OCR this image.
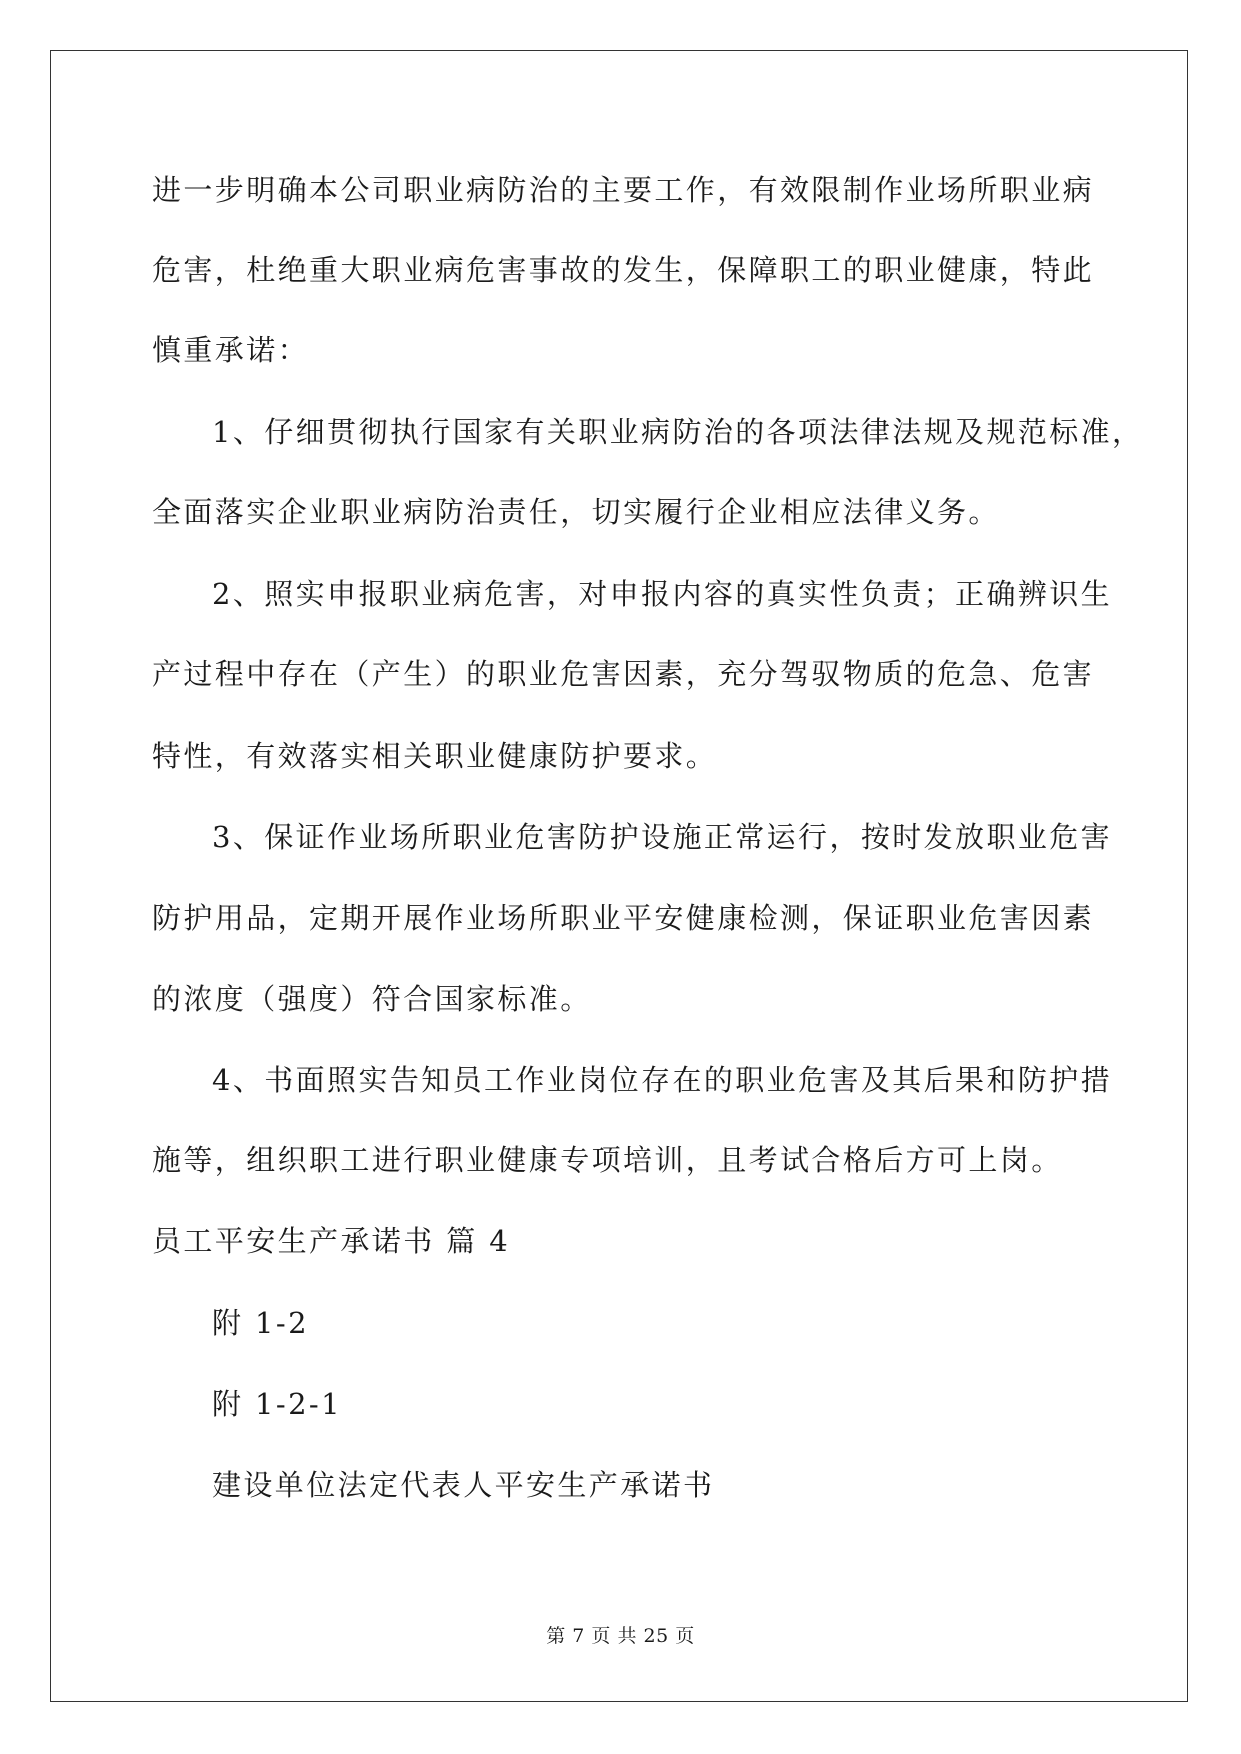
进一步明确本公司职业病防治的主要工作，有效限制作业场所职业病
危害，杜绝重大职业病危害事故的发生，保障职工的职业健康，特此
慎重承诺：
1、仔细贯彻执行国家有关职业病防治的各项法律法规及规范标准，
全面落实企业职业病防治责任，切实履行企业相应法律义务。
2、照实申报职业病危害，对申报内容的真实性负责；正确辨识生
产过程中存在（产生）的职业危害因素，充分驾驭物质的危急、危害
特性，有效落实相关职业健康防护要求。
3、保证作业场所职业危害防护设施正常运行，按时发放职业危害
防护用品，定期开展作业场所职业平安健康检测，保证职业危害因素
的浓度（强度）符合国家标准。
4、书面照实告知员工作业岗位存在的职业危害及其后果和防护措
施等，组织职工进行职业健康专项培训，且考试合格后方可上岗。
员工平安生产承诺书 篇 4
附 1-2
附 1-2-1
建设单位法定代表人平安生产承诺书
第 7 页 共 25 页
